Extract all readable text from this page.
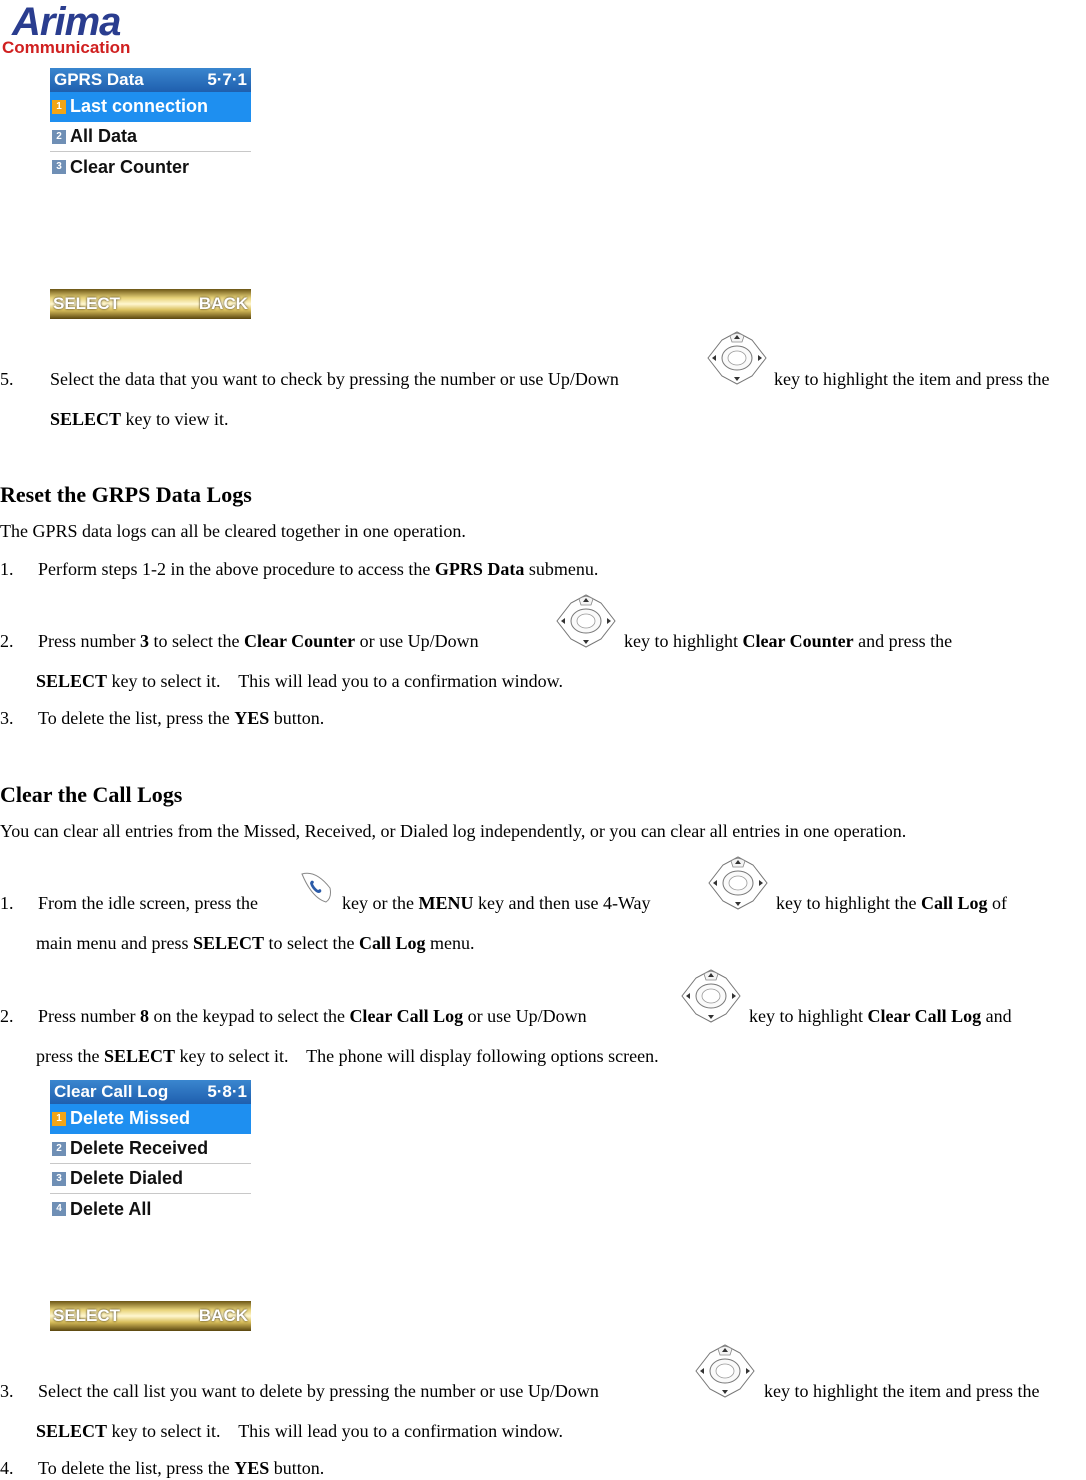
Arima
Communication
GPRS Data	5·7·1
1 Last connection
2 All Data
3 Clear Counter
SELECT	BACK
5. Select the data that you want to check by pressing the number or use Up/Down	key to highlight the item and press the
SELECT key to view it.
Reset the GRPS Data Logs
The GPRS data logs can all be cleared together in one operation.
1. Perform steps 1-2 in the above procedure to access the GPRS Data submenu.
2. Press number 3 to select the Clear Counter or use Up/Down	key to highlight Clear Counter and press the
SELECT key to select it.    This will lead you to a confirmation window.
3. To delete the list, press the YES button.
Clear the Call Logs
You can clear all entries from the Missed, Received, or Dialed log independently, or you can clear all entries in one operation.
1. From the idle screen, press the	key or the MENU key and then use 4-Way	key to highlight the Call Log of
main menu and press SELECT to select the Call Log menu.
2. Press number 8 on the keypad to select the Clear Call Log or use Up/Down	key to highlight Clear Call Log and
press the SELECT key to select it.    The phone will display following options screen.
Clear Call Log 5·8·1
1 Delete Missed
2 Delete Received
3 Delete Dialed
4 Delete All
SELECT	BACK
3. Select the call list you want to delete by pressing the number or use Up/Down	key to highlight the item and press the
SELECT key to select it.    This will lead you to a confirmation window.
4. To delete the list, press the YES button.
